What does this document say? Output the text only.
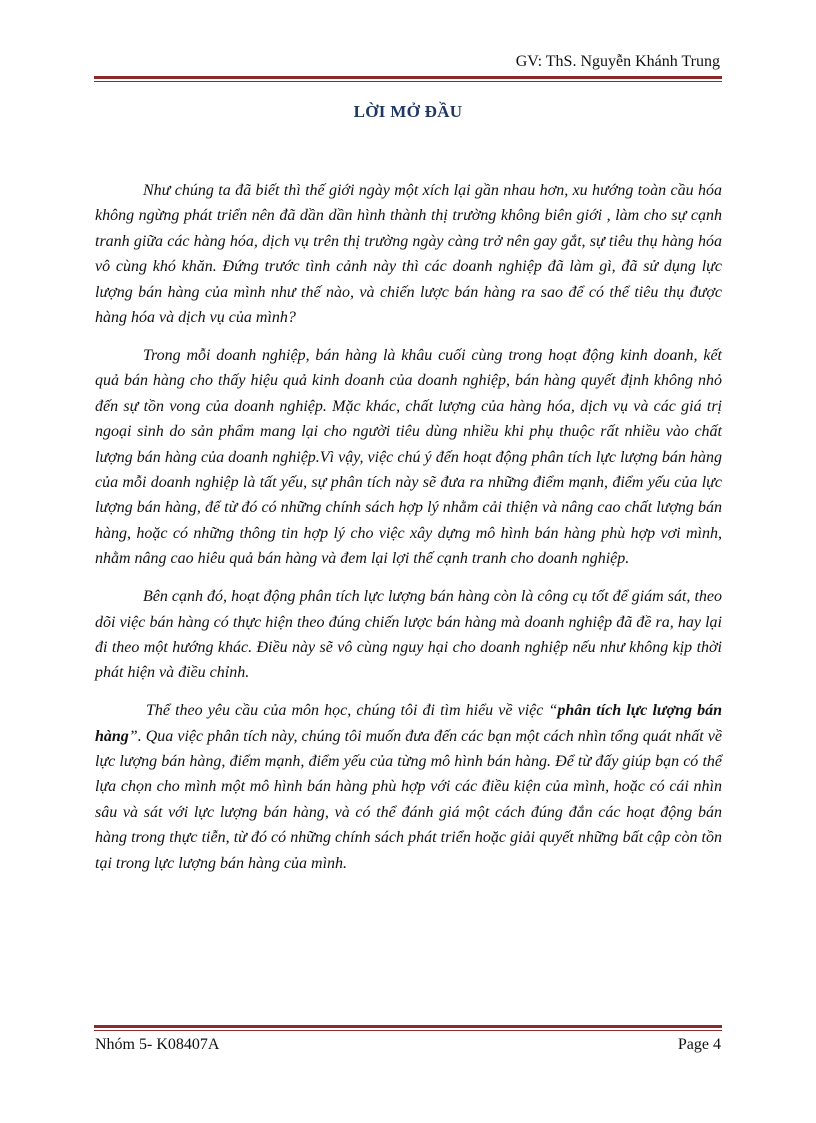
GV: ThS. Nguyễn Khánh Trung
LỜI MỞ ĐẦU

Như chúng ta đã biết thì thế giới ngày một xích lại gần nhau hơn, xu hướng toàn cầu hóa không ngừng phát triển nên đã dần dần hình thành thị trường không biên giới , làm cho sự cạnh tranh giữa các hàng hóa, dịch vụ trên thị trường ngày càng trở nên gay gắt, sự tiêu thụ hàng hóa vô cùng khó khăn. Đứng trước tình cảnh này thì các doanh nghiệp đã làm gì, đã sử dụng lực lượng bán hàng của mình như thế nào, và chiến lược bán hàng ra sao để có thể tiêu thụ được hàng hóa và dịch vụ của mình?

Trong mỗi doanh nghiệp, bán hàng là khâu cuối cùng trong hoạt động kinh doanh, kết quả bán hàng cho thấy hiệu quả kinh doanh của doanh nghiệp, bán hàng quyết định không nhỏ đến sự tồn vong của doanh nghiệp. Mặc khác, chất lượng của hàng hóa, dịch vụ và các giá trị ngoại sinh do sản phẩm mang lại cho người tiêu dùng nhiều khi phụ thuộc rất nhiều vào chất lượng bán hàng của doanh nghiệp.Vì vậy, việc chú ý đến hoạt động phân tích lực lượng bán hàng của mỗi doanh nghiệp là tất yếu, sự phân tích này sẽ đưa ra những điểm mạnh, điểm yếu của lực lượng bán hàng, để từ đó có những chính sách hợp lý nhằm cải thiện và nâng cao chất lượng bán hàng, hoặc có những thông tin hợp lý cho việc xây dựng mô hình bán hàng phù hợp vơi mình, nhằm nâng cao hiêu quả bán hàng và đem lại lợi thế cạnh tranh cho doanh nghiệp.

Bên cạnh đó, hoạt động phân tích lực lượng bán hàng còn là công cụ tốt để giám sát, theo dõi việc bán hàng có thực hiện theo đúng chiến lược bán hàng mà doanh nghiệp đã đề ra, hay lại đi theo một hướng khác. Điều này sẽ vô cùng nguy hại cho doanh nghiệp nếu như không kịp thời phát hiện và điều chỉnh.

Thể theo yêu cầu của môn học, chúng tôi đi tìm hiểu về việc “phân tích lực lượng bán hàng”. Qua việc phân tích này, chúng tôi muốn đưa đến các bạn một cách nhìn tổng quát nhất về lực lượng bán hàng, điểm mạnh, điểm yếu của từng mô hình bán hàng. Để từ đấy giúp bạn có thể lựa chọn cho mình một mô hình bán hàng phù hợp với các điều kiện của mình, hoặc có cái nhìn sâu và sát với lực lượng bán hàng, và có thể đánh giá một cách đúng đắn các hoạt động bán hàng trong thực tiễn, từ đó có những chính sách phát triển hoặc giải quyết những bất cập còn tồn tại trong lực lượng bán hàng của mình.

Nhóm 5- K08407A	Page 4
